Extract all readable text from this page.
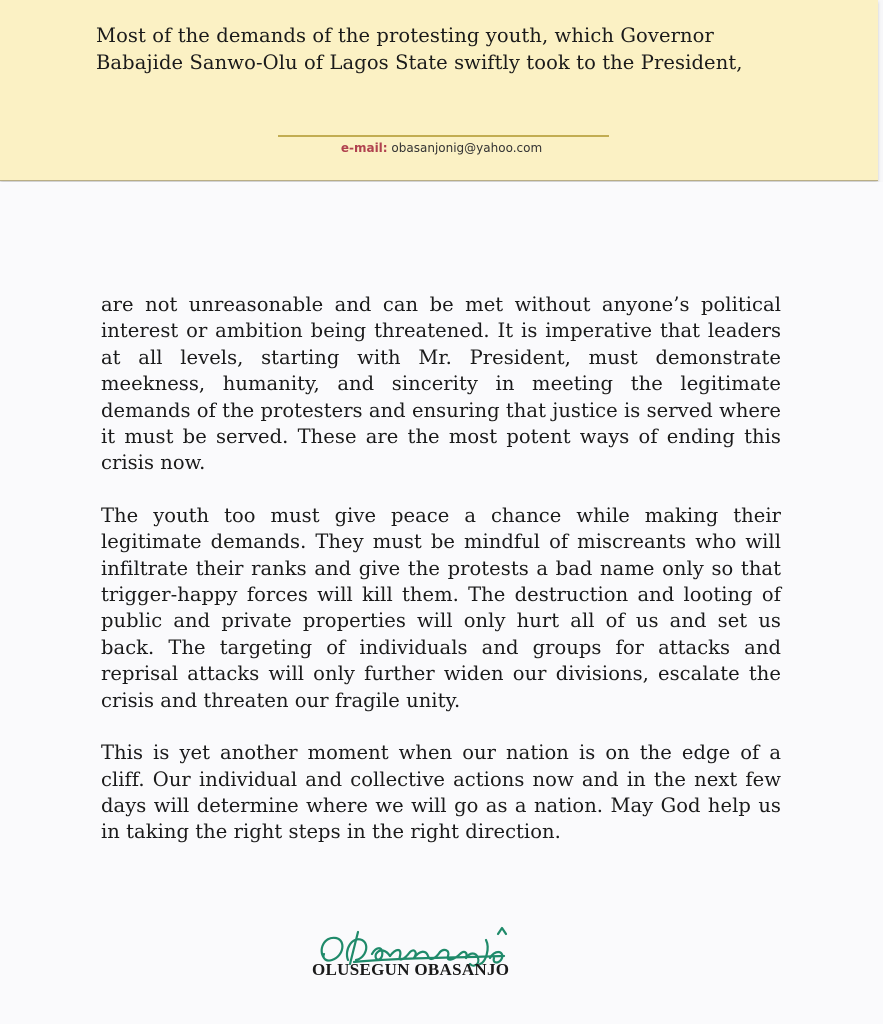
Most of the demands of the protesting youth, which Governor
Babajide Sanwo-Olu of Lagos State swiftly took to the President,
e-mail: obasanjonig@yahoo.com

are not unreasonable and can be met without anyone’s political interest or ambition being threatened. It is imperative that leaders at all levels, starting with Mr. President, must demonstrate meekness, humanity, and sincerity in meeting the legitimate demands of the protesters and ensuring that justice is served where it must be served. These are the most potent ways of ending this crisis now.

The youth too must give peace a chance while making their legitimate demands. They must be mindful of miscreants who will infiltrate their ranks and give the protests a bad name only so that trigger-happy forces will kill them. The destruction and looting of public and private properties will only hurt all of us and set us back. The targeting of individuals and groups for attacks and reprisal attacks will only further widen our divisions, escalate the crisis and threaten our fragile unity.

This is yet another moment when our nation is on the edge of a cliff. Our individual and collective actions now and in the next few days will determine where we will go as a nation. May God help us in taking the right steps in the right direction.

OLUSEGUN OBASANJO
